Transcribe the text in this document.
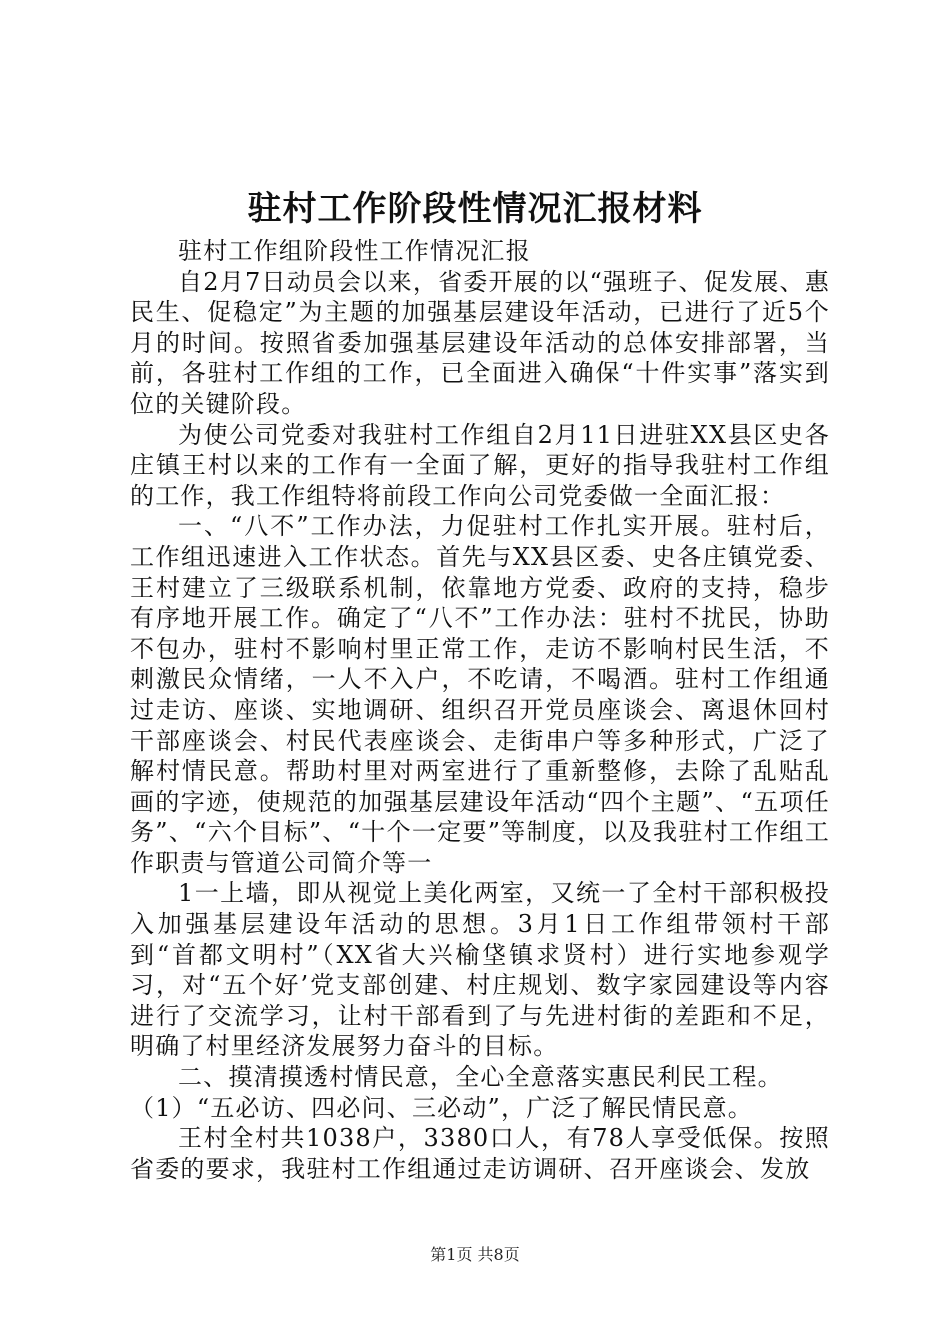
驻村工作阶段性情况汇报材料

驻村工作组阶段性工作情况汇报

自2月7日动员会以来，省委开展的以“强班子、促发展、惠民生、促稳定”为主题的加强基层建设年活动，已进行了近5个月的时间。按照省委加强基层建设年活动的总体安排部署，当前，各驻村工作组的工作，已全面进入确保“十件实事”落实到位的关键阶段。

为使公司党委对我驻村工作组自2月11日进驻XX县区史各庄镇王村以来的工作有一全面了解，更好的指导我驻村工作组的工作，我工作组特将前段工作向公司党委做一全面汇报：

一、“八不”工作办法，力促驻村工作扎实开展。驻村后，工作组迅速进入工作状态。首先与XX县区委、史各庄镇党委、王村建立了三级联系机制，依靠地方党委、政府的支持，稳步有序地开展工作。确定了“八不”工作办法：驻村不扰民，协助不包办，驻村不影响村里正常工作，走访不影响村民生活，不刺激民众情绪，一人不入户，不吃请，不喝酒。驻村工作组通过走访、座谈、实地调研、组织召开党员座谈会、离退休回村干部座谈会、村民代表座谈会、走街串户等多种形式，广泛了解村情民意。帮助村里对两室进行了重新整修，去除了乱贴乱画的字迹，使规范的加强基层建设年活动“四个主题”、“五项任务”、“六个目标”、“十个一定要”等制度，以及我驻村工作组工作职责与管道公司简介等一

1一上墙，即从视觉上美化两室，又统一了全村干部积极投入加强基层建设年活动的思想。3月1日工作组带领村干部到“首都文明村”（XX省大兴榆垡镇求贤村）进行实地参观学习，对“五个好’党支部创建、村庄规划、数字家园建设等内容进行了交流学习，让村干部看到了与先进村街的差距和不足，明确了村里经济发展努力奋斗的目标。

二、摸清摸透村情民意，全心全意落实惠民利民工程。

（1）“五必访、四必问、三必动”，广泛了解民情民意。

王村全村共1038户，3380口人，有78人享受低保。按照省委的要求，我驻村工作组通过走访调研、召开座谈会、发放

第1页 共8页
